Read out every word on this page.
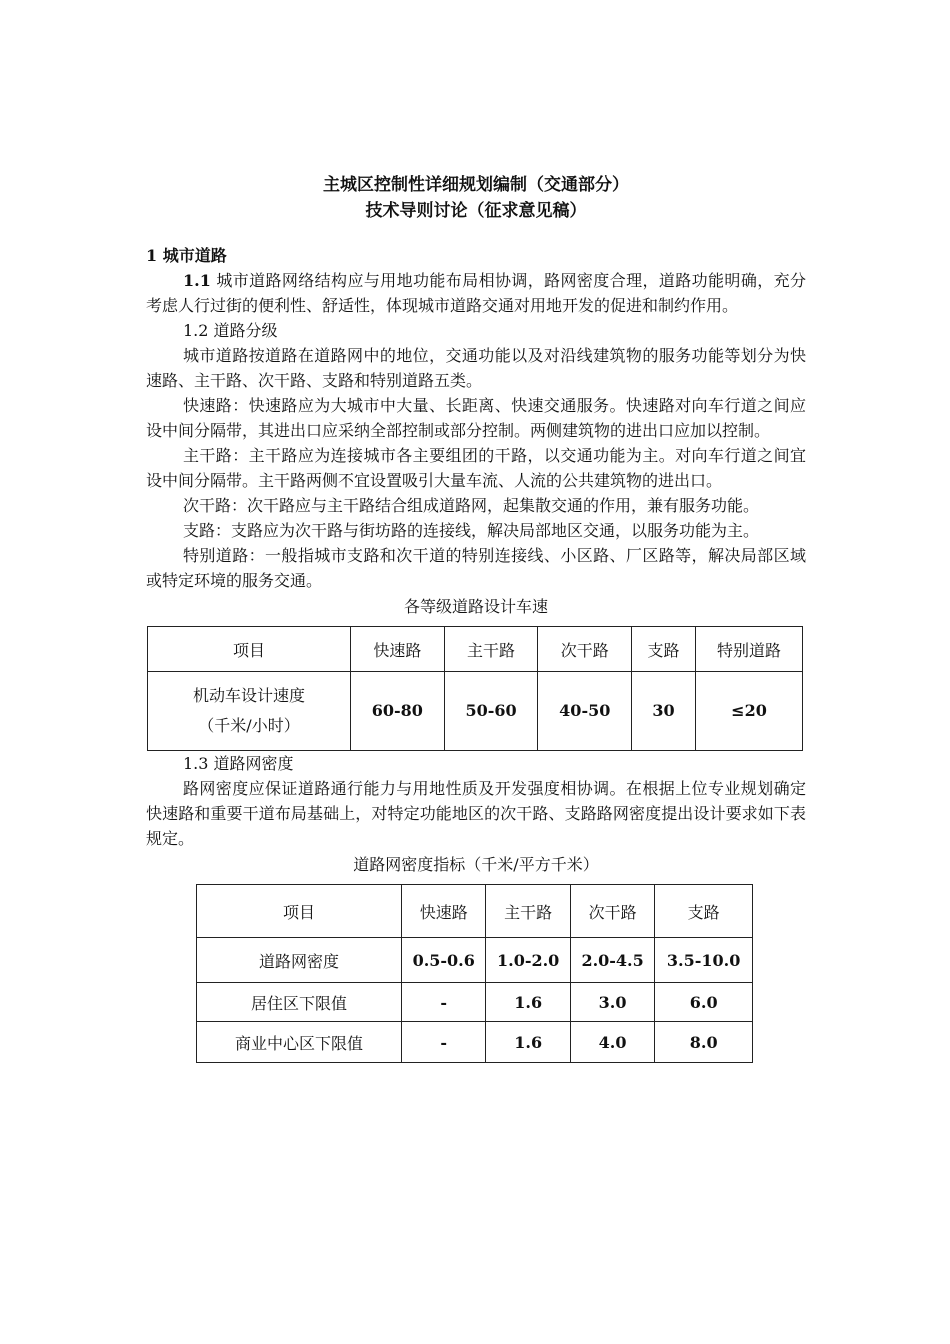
主城区控制性详细规划编制（交通部分）
技术导则讨论（征求意见稿）
1 城市道路

1.1 城市道路网络结构应与用地功能布局相协调，路网密度合理，道路功能明确，充分考虑人行过街的便利性、舒适性，体现城市道路交通对用地开发的促进和制约作用。

1.2 道路分级

城市道路按道路在道路网中的地位，交通功能以及对沿线建筑物的服务功能等划分为快速路、主干路、次干路、支路和特别道路五类。

快速路：快速路应为大城市中大量、长距离、快速交通服务。快速路对向车行道之间应设中间分隔带，其进出口应采纳全部控制或部分控制。两侧建筑物的进出口应加以控制。

主干路：主干路应为连接城市各主要组团的干路，以交通功能为主。对向车行道之间宜设中间分隔带。主干路两侧不宜设置吸引大量车流、人流的公共建筑物的进出口。

次干路：次干路应与主干路结合组成道路网，起集散交通的作用，兼有服务功能。

支路：支路应为次干路与街坊路的连接线，解决局部地区交通，以服务功能为主。

特别道路：一般指城市支路和次干道的特别连接线、小区路、厂区路等，解决局部区域或特定环境的服务交通。

各等级道路设计车速
项目	快速路	主干路	次干路	支路	特别道路
机动车设计速度
（千米/小时）	60-80	50-60	40-50	30	≤20
1.3 道路网密度

路网密度应保证道路通行能力与用地性质及开发强度相协调。在根据上位专业规划确定快速路和重要干道布局基础上，对特定功能地区的次干路、支路路网密度提出设计要求如下表规定。

道路网密度指标（千米/平方千米）
项目	快速路	主干路	次干路	支路
道路网密度	0.5-0.6	1.0-2.0	2.0-4.5	3.5-10.0
居住区下限值	-	1.6	3.0	6.0
商业中心区下限值	-	1.6	4.0	8.0
